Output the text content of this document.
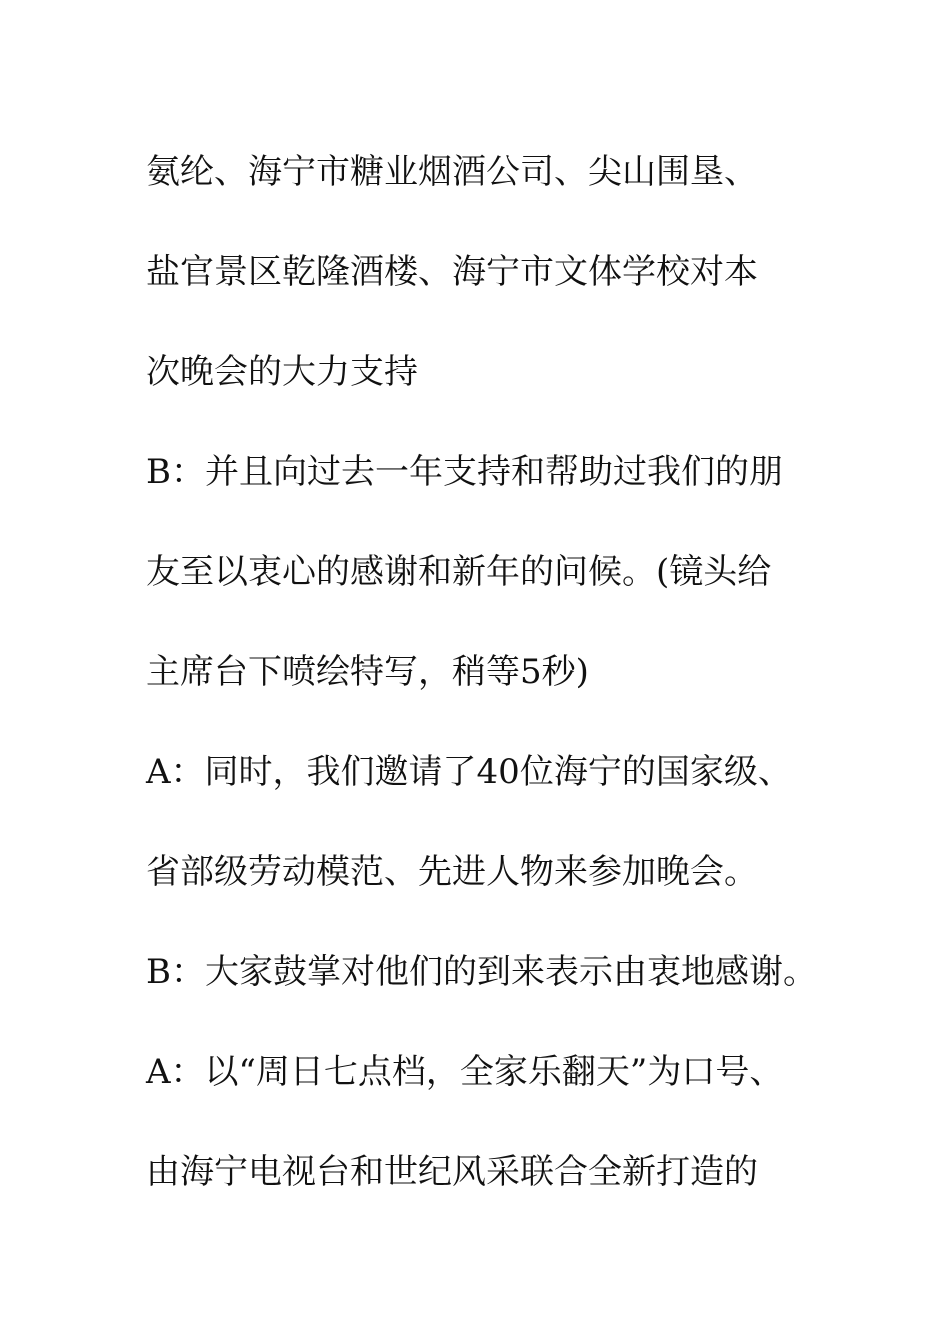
氨纶、海宁市糖业烟酒公司、尖山围垦、
盐官景区乾隆酒楼、海宁市文体学校对本
次晚会的大力支持
B：并且向过去一年支持和帮助过我们的朋
友至以衷心的感谢和新年的问候。(镜头给
主席台下喷绘特写，稍等5秒)
A：同时，我们邀请了40位海宁的国家级、
省部级劳动模范、先进人物来参加晚会。
B：大家鼓掌对他们的到来表示由衷地感谢。
A：以“周日七点档，全家乐翻天”为口号、
由海宁电视台和世纪风采联合全新打造的
